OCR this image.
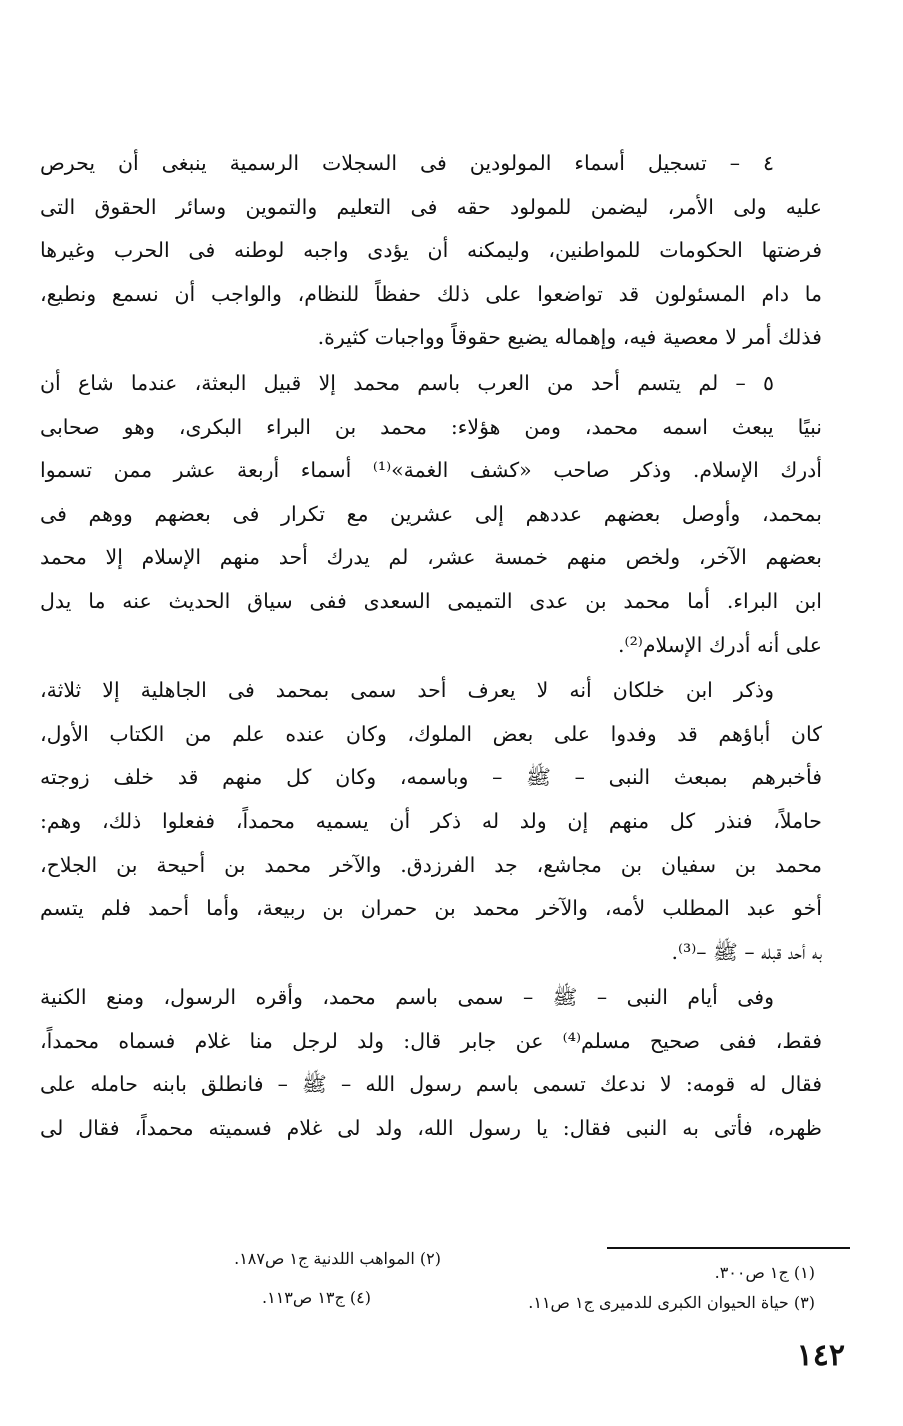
٤ – تسجيل أسماء المولودين فى السجلات الرسمية ينبغى أن يحرص
عليه ولى الأمر، ليضمن للمولود حقه فى التعليم والتموين وسائر الحقوق التى
فرضتها الحكومات للمواطنين، وليمكنه أن يؤدى واجبه لوطنه فى الحرب وغيرها
ما دام المسئولون قد تواضعوا على ذلك حفظاً للنظام، والواجب أن نسمع ونطيع،
فذلك أمر لا معصية فيه، وإهماله يضيع حقوقاً وواجبات كثيرة.

٥ – لم يتسم أحد من العرب باسم محمد إلا قبيل البعثة، عندما شاع أن
نبيًا يبعث اسمه محمد، ومن هؤلاء: محمد بن البراء البكرى، وهو صحابى
أدرك الإسلام. وذكر صاحب «كشف الغمة»⁽¹⁾ أسماء أربعة عشر ممن تسموا
بمحمد، وأوصل بعضهم عددهم إلى عشرين مع تكرار فى بعضهم ووهم فى
بعضهم الآخر، ولخص منهم خمسة عشر، لم يدرك أحد منهم الإسلام إلا محمد
ابن البراء. أما محمد بن عدى التميمى السعدى ففى سياق الحديث عنه ما يدل
على أنه أدرك الإسلام⁽²⁾.

وذكر ابن خلكان أنه لا يعرف أحد سمى بمحمد فى الجاهلية إلا ثلاثة،
كان أباؤهم قد وفدوا على بعض الملوك، وكان عنده علم من الكتاب الأول،
فأخبرهم بمبعث النبى – ﷺ – وباسمه، وكان كل منهم قد خلف زوجته
حاملاً، فنذر كل منهم إن ولد له ذكر أن يسميه محمداً، ففعلوا ذلك، وهم:
محمد بن سفيان بن مجاشع، جد الفرزدق. والآخر محمد بن أحيحة بن الجلاح،
أخو عبد المطلب لأمه، والآخر محمد بن حمران بن ربيعة، وأما أحمد فلم يتسم
به أحد قبله – ﷺ –⁽³⁾.

وفى أيام النبى – ﷺ – سمى باسم محمد، وأقره الرسول، ومنع الكنية
فقط، ففى صحيح مسلم⁽⁴⁾ عن جابر قال: ولد لرجل منا غلام فسماه محمداً،
فقال له قومه: لا ندعك تسمى باسم رسول الله – ﷺ – فانطلق بابنه حامله على
ظهره، فأتى به النبى فقال: يا رسول الله، ولد لى غلام فسميته محمداً، فقال لى

(١) ج١ ص٣٠٠.
(٢) المواهب اللدنية ج١ ص١٨٧.
(٣) حياة الحيوان الكبرى للدميرى ج١ ص١١.
(٤) ج١٣ ص١١٣.
١٤٢
